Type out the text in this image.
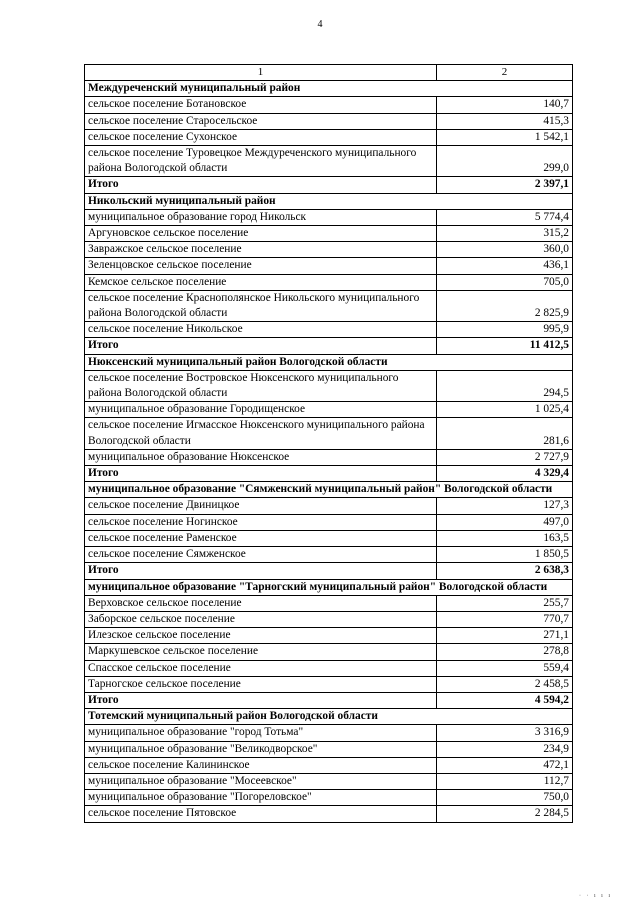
4
1	2
Междуреченский муниципальный район	
сельское поселение Ботановское	140,7
сельское поселение Старосельское	415,3
сельское поселение Сухонское	1 542,1
сельское поселение Туровецкое Междуреченского муниципального района Вологодской области	299,0
Итого	2 397,1
Никольский муниципальный район	
муниципальное образование город Никольск	5 774,4
Аргуновское сельское поселение	315,2
Завражское сельское поселение	360,0
Зеленцовское сельское поселение	436,1
Кемское сельское поселение	705,0
сельское поселение Краснополянское Никольского муниципального района Вологодской области	2 825,9
сельское поселение Никольское	995,9
Итого	11 412,5
Нюксенский муниципальный район Вологодской области	
сельское поселение Востровское Нюксенского муниципального района Вологодской области	294,5
муниципальное образование Городищенское	1 025,4
сельское поселение Игмасское Нюксенского муниципального района Вологодской области	281,6
муниципальное образование Нюксенское	2 727,9
Итого	4 329,4
муниципальное образование "Сямженский муниципальный район" Вологодской области	
сельское поселение Двиницкое	127,3
сельское поселение Ногинское	497,0
сельское поселение Раменское	163,5
сельское поселение Сямженское	1 850,5
Итого	2 638,3
муниципальное образование "Тарногский муниципальный район" Вологодской области	
Верховское сельское поселение	255,7
Заборское сельское поселение	770,7
Илезское сельское поселение	271,1
Маркушевское сельское поселение	278,8
Спасское сельское поселение	559,4
Тарногское сельское поселение	2 458,5
Итого	4 594,2
Тотемский муниципальный район Вологодской области	
муниципальное образование "город Тотьма"	3 316,9
муниципальное образование "Великодворское"	234,9
сельское поселение Калининское	472,1
муниципальное образование "Мосеевское"	112,7
муниципальное образование "Погореловское"	750,0
сельское поселение Пятовское	2 284,5
· · ı ı ı
